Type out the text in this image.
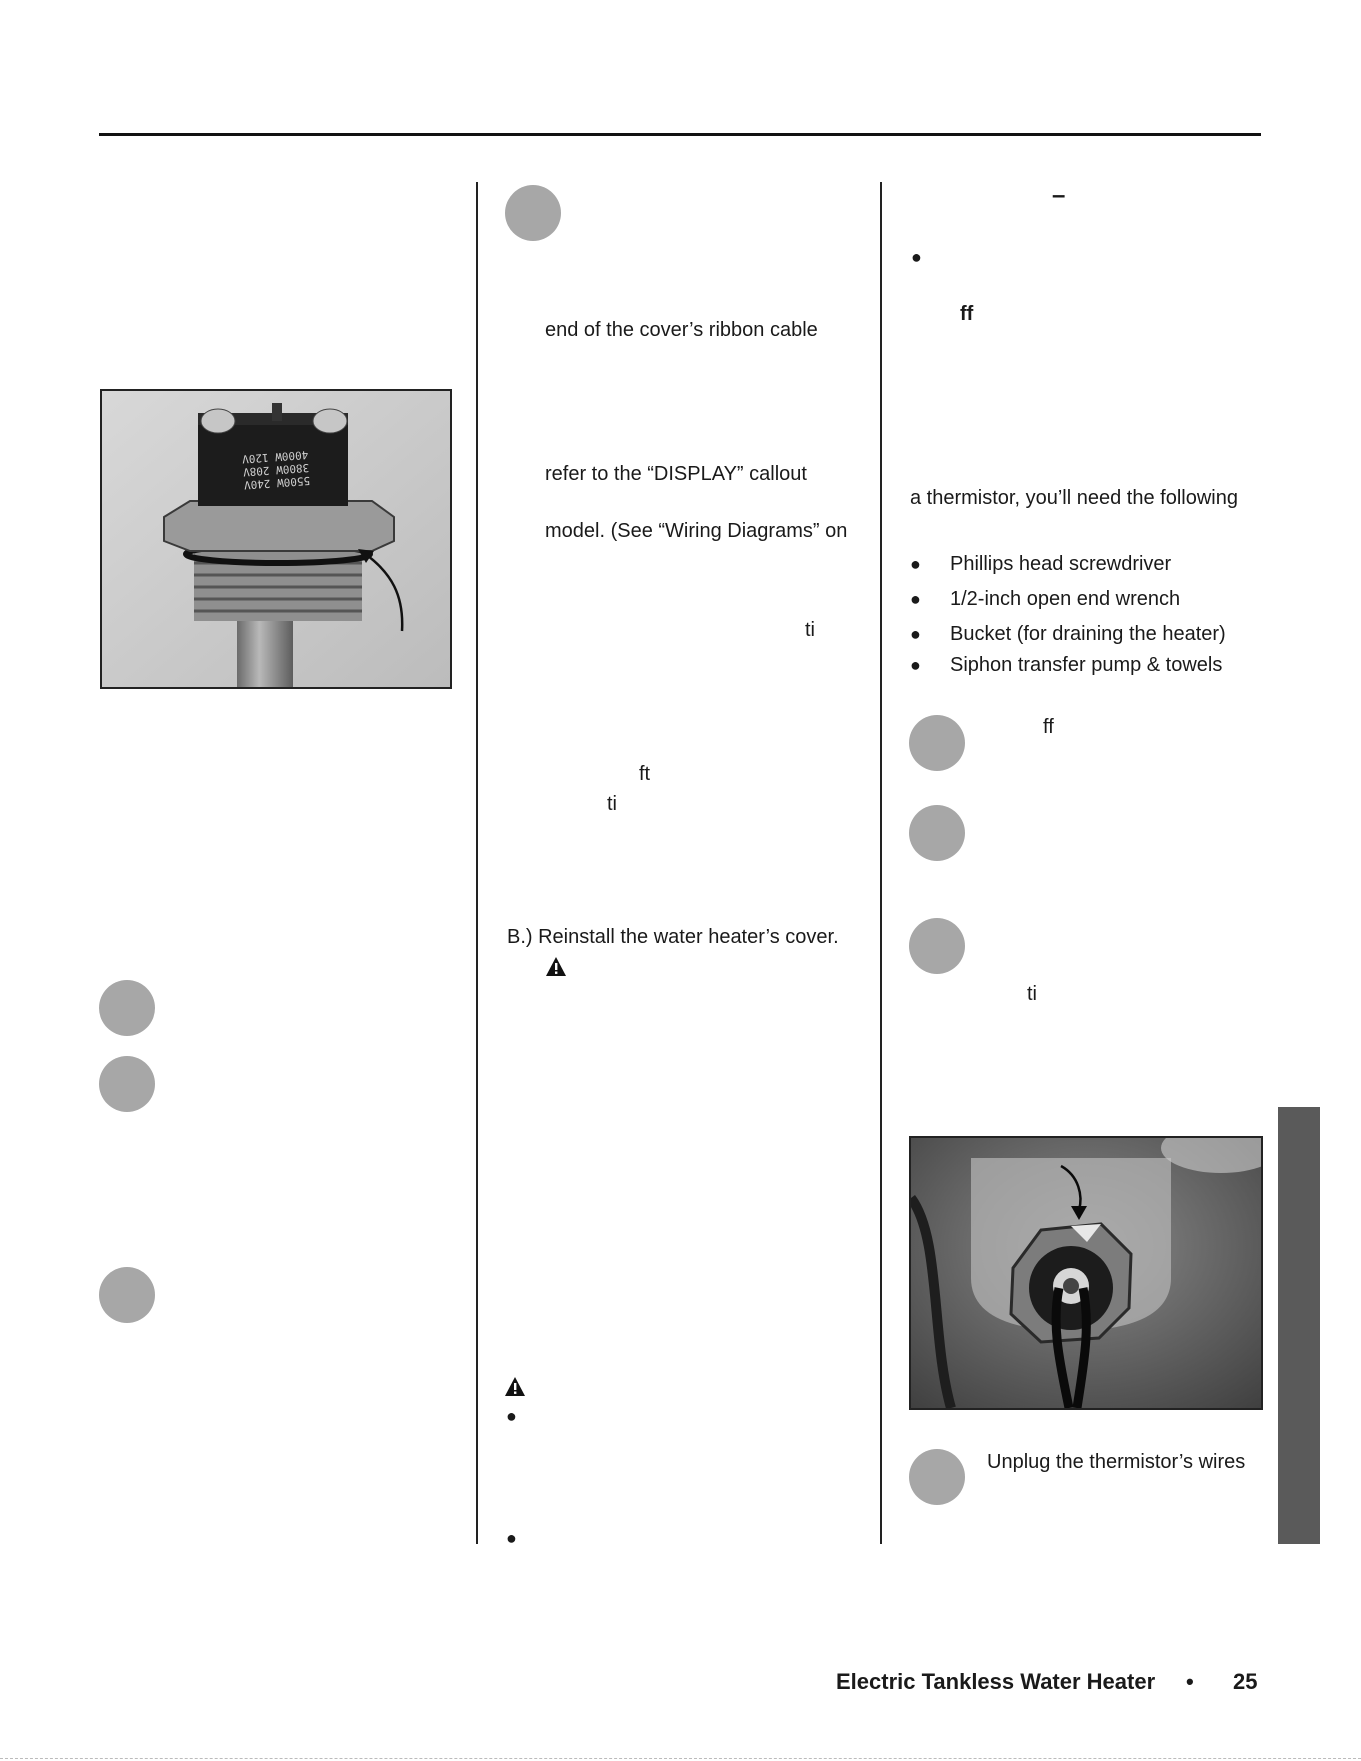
4000W 120V
3800W 208V
5500W 240V
end of the cover’s ribbon cable
refer to the “DISPLAY” callout
model. (See “Wiring Diagrams” on
ti
ft
ti
B.) Reinstall the water heater’s cover.
●
●
–
●
ff
a thermistor, you’ll need the following
● Phillips head screwdriver
● 1/2-inch open end wrench
● Bucket (for draining the heater)
● Siphon transfer pump & towels
ff
ti
Unplug the thermistor’s wires
Electric Tankless Water Heater • 25
